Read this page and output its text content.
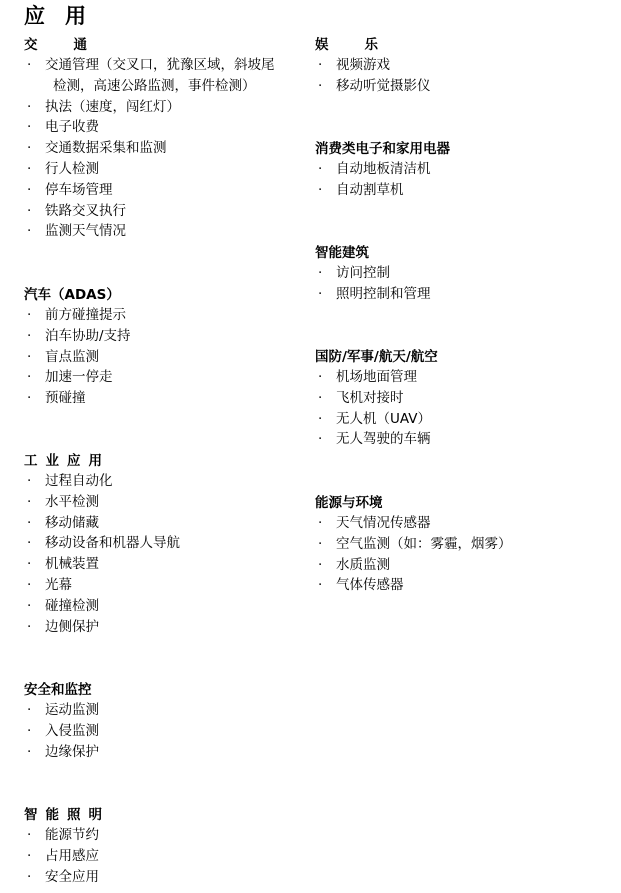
应用
交通
· 交通管理（交叉口，犹豫区域，斜坡尾
检测，高速公路监测，事件检测）
· 执法（速度，闯红灯）
· 电子收费
· 交通数据采集和监测
· 行人检测
· 停车场管理
· 铁路交叉执行
· 监测天气情况
汽车（ADAS）
· 前方碰撞提示
· 泊车协助/支持
· 盲点监测
· 加速一停走
· 预碰撞
工业应用
· 过程自动化
· 水平检测
· 移动储藏
· 移动设备和机器人导航
· 机械装置
· 光幕
· 碰撞检测
· 边侧保护
安全和监控
· 运动监测
· 入侵监测
· 边缘保护
智能照明
· 能源节约
· 占用感应
· 安全应用
娱乐
· 视频游戏
· 移动听觉摄影仪
消费类电子和家用电器
· 自动地板清洁机
· 自动割草机
智能建筑
· 访问控制
· 照明控制和管理
国防/军事/航天/航空
· 机场地面管理
· 飞机对接时
· 无人机（UAV）
· 无人驾驶的车辆
能源与环境
· 天气情况传感器
· 空气监测（如：雾霾，烟雾）
· 水质监测
· 气体传感器
